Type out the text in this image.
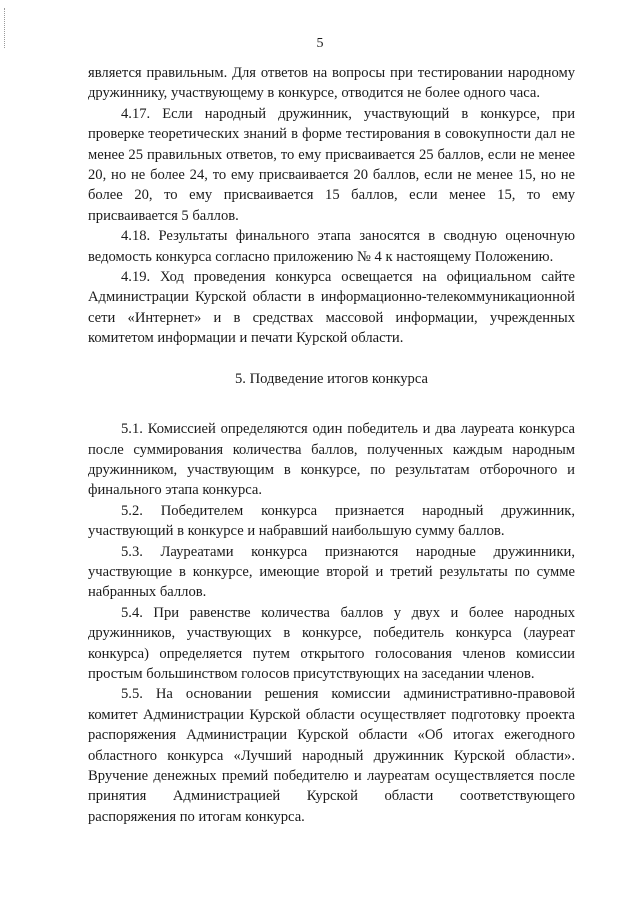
5

является правильным. Для ответов на вопросы при тестировании народному дружиннику, участвующему в конкурсе, отводится не более одного часа.

4.17. Если народный дружинник, участвующий в конкурсе, при проверке теоретических знаний в форме тестирования в совокупности дал не менее 25 правильных ответов, то ему присваивается 25 баллов, если не менее 20, но не более 24, то ему присваивается 20 баллов, если не менее 15, но не более 20, то ему присваивается 15 баллов, если менее 15, то ему присваивается 5 баллов.

4.18. Результаты финального этапа заносятся в сводную оценочную ведомость конкурса согласно приложению № 4 к настоящему Положению.

4.19. Ход проведения конкурса освещается на официальном сайте Администрации Курской области в информационно-телекоммуникационной сети «Интернет» и в средствах массовой информации, учрежденных комитетом информации и печати Курской области.

5. Подведение итогов конкурса

5.1. Комиссией определяются один победитель и два лауреата конкурса после суммирования количества баллов, полученных каждым народным дружинником, участвующим в конкурсе, по результатам отборочного и финального этапа конкурса.

5.2. Победителем конкурса признается народный дружинник, участвующий в конкурсе и набравший наибольшую сумму баллов.

5.3. Лауреатами конкурса признаются народные дружинники, участвующие в конкурсе, имеющие второй и третий результаты по сумме набранных баллов.

5.4. При равенстве количества баллов у двух и более народных дружинников, участвующих в конкурсе, победитель конкурса (лауреат конкурса) определяется путем открытого голосования членов комиссии простым большинством голосов присутствующих на заседании членов.

5.5. На основании решения комиссии административно-правовой комитет Администрации Курской области осуществляет подготовку проекта распоряжения Администрации Курской области «Об итогах ежегодного областного конкурса «Лучший народный дружинник Курской области». Вручение денежных премий победителю и лауреатам осуществляется после принятия Администрацией Курской области соответствующего распоряжения по итогам конкурса.
